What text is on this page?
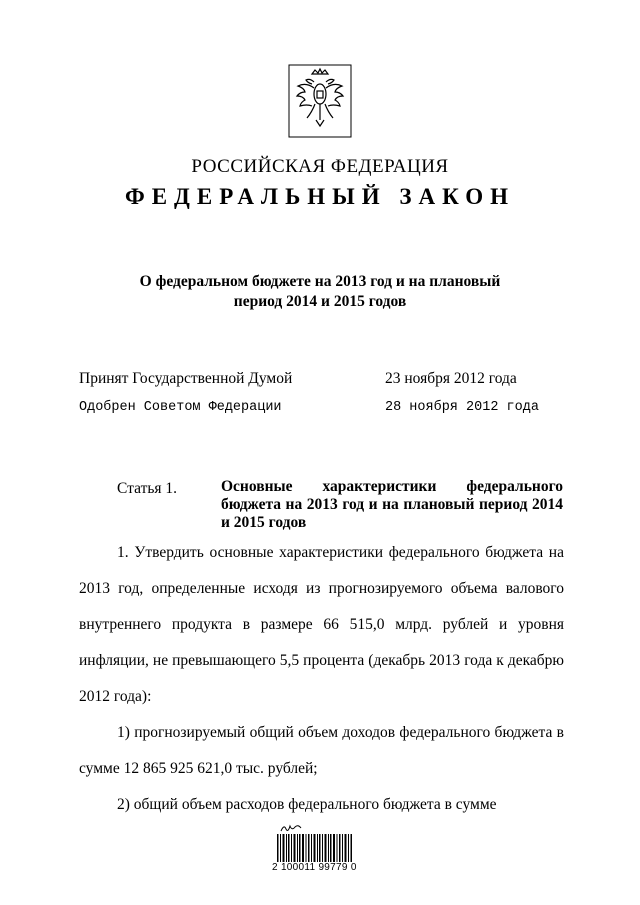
РОССИЙСКАЯ ФЕДЕРАЦИЯ
ФЕДЕРАЛЬНЫЙ ЗАКОН
О федеральном бюджете на 2013 год и на плановый
период 2014 и 2015 годов
Принят Государственной Думой	23 ноября 2012 года
Одобрен Советом Федерации	28 ноября 2012 года
Статья 1.	Основные характеристики федерального бюджета на 2013 год и на плановый период 2014 и 2015 годов

1. Утвердить основные характеристики федерального бюджета на 2013 год, определенные исходя из прогнозируемого объема валового внутреннего продукта в размере 66 515,0 млрд. рублей и уровня инфляции, не превышающего 5,5 процента (декабрь 2013 года к декабрю 2012 года):

1) прогнозируемый общий объем доходов федерального бюджета в сумме 12 865 925 621,0 тыс. рублей;

2) общий объем расходов федерального бюджета в сумме

2 100011 99779 0
